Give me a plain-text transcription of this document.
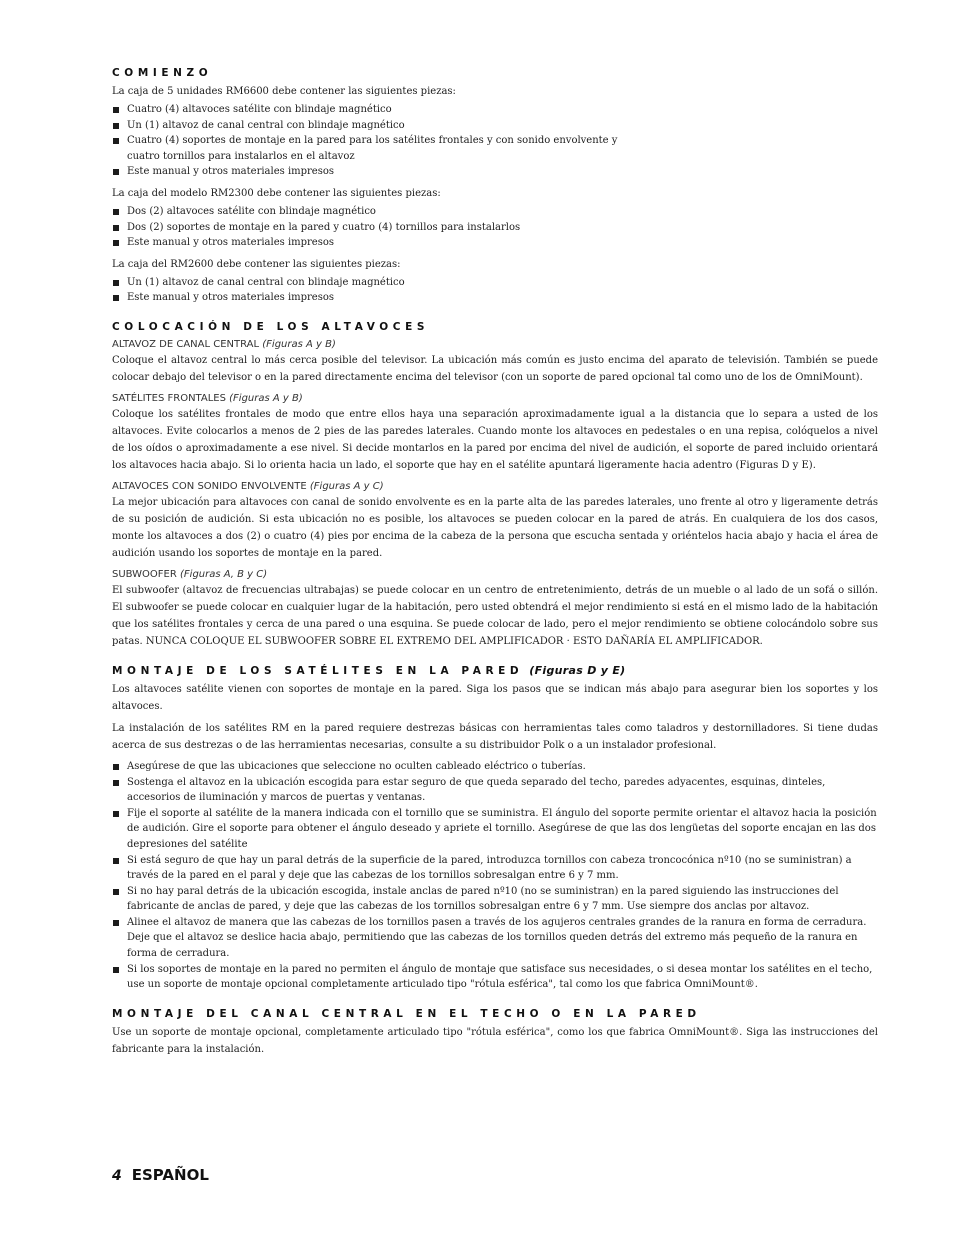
COMIENZO

La caja de 5 unidades RM6600 debe contener las siguientes piezas:

Cuatro (4) altavoces satélite con blindaje magnético
Un (1) altavoz de canal central con blindaje magnético
Cuatro (4) soportes de montaje en la pared para los satélites frontales y con sonido envolvente y cuatro tornillos para instalarlos en el altavoz
Este manual y otros materiales impresos

La caja del modelo RM2300 debe contener las siguientes piezas:

Dos (2) altavoces satélite con blindaje magnético
Dos (2) soportes de montaje en la pared y cuatro (4) tornillos para instalarlos
Este manual y otros materiales impresos

La caja del RM2600 debe contener las siguientes piezas:

Un (1) altavoz de canal central con blindaje magnético
Este manual y otros materiales impresos
COLOCACIÓN DE LOS ALTAVOCES

ALTAVOZ DE CANAL CENTRAL (Figuras A y B)

Coloque el altavoz central lo más cerca posible del televisor. La ubicación más común es justo encima del aparato de televisión. También se puede colocar debajo del televisor o en la pared directamente encima del televisor (con un soporte de pared opcional tal como uno de los de OmniMount).

SATÉLITES FRONTALES (Figuras A y B)

Coloque los satélites frontales de modo que entre ellos haya una separación aproximadamente igual a la distancia que lo separa a usted de los altavoces. Evite colocarlos a menos de 2 pies de las paredes laterales. Cuando monte los altavoces en pedestales o en una repisa, colóquelos a nivel de los oídos o aproximadamente a ese nivel. Si decide montarlos en la pared por encima del nivel de audición, el soporte de pared incluido orientará los altavoces hacia abajo. Si lo orienta hacia un lado, el soporte que hay en el satélite apuntará ligeramente hacia adentro (Figuras D y E).

ALTAVOCES CON SONIDO ENVOLVENTE (Figuras A y C)

La mejor ubicación para altavoces con canal de sonido envolvente es en la parte alta de las paredes laterales, uno frente al otro y ligeramente detrás de su posición de audición. Si esta ubicación no es posible, los altavoces se pueden colocar en la pared de atrás. En cualquiera de los dos casos, monte los altavoces a dos (2) o cuatro (4) pies por encima de la cabeza de la persona que escucha sentada y oriéntelos hacia abajo y hacia el área de audición usando los soportes de montaje en la pared.

SUBWOOFER (Figuras A, B y C)

El subwoofer (altavoz de frecuencias ultrabajas) se puede colocar en un centro de entretenimiento, detrás de un mueble o al lado de un sofá o sillón. El subwoofer se puede colocar en cualquier lugar de la habitación, pero usted obtendrá el mejor rendimiento si está en el mismo lado de la habitación que los satélites frontales y cerca de una pared o una esquina. Se puede colocar de lado, pero el mejor rendimiento se obtiene colocándolo sobre sus patas. NUNCA COLOQUE EL SUBWOOFER SOBRE EL EXTREMO DEL AMPLIFICADOR · ESTO DAÑARÍA EL AMPLIFICADOR.

MONTAJE DE LOS SATÉLITES EN LA PARED (Figuras D y E)

Los altavoces satélite vienen con soportes de montaje en la pared. Siga los pasos que se indican más abajo para asegurar bien los soportes y los altavoces.

La instalación de los satélites RM en la pared requiere destrezas básicas con herramientas tales como taladros y destornilladores. Si tiene dudas acerca de sus destrezas o de las herramientas necesarias, consulte a su distribuidor Polk o a un instalador profesional.

Asegúrese de que las ubicaciones que seleccione no oculten cableado eléctrico o tuberías.
Sostenga el altavoz en la ubicación escogida para estar seguro de que queda separado del techo, paredes adyacentes, esquinas, dinteles, accesorios de iluminación y marcos de puertas y ventanas.
Fije el soporte al satélite de la manera indicada con el tornillo que se suministra. El ángulo del soporte permite orientar el altavoz hacia la posición de audición. Gire el soporte para obtener el ángulo deseado y apriete el tornillo. Asegúrese de que las dos lengüetas del soporte encajan en las dos depresiones del satélite
Si está seguro de que hay un paral detrás de la superficie de la pared, introduzca tornillos con cabeza troncocónica nº10 (no se suministran) a través de la pared en el paral y deje que las cabezas de los tornillos sobresalgan entre 6 y 7 mm.
Si no hay paral detrás de la ubicación escogida, instale anclas de pared nº10 (no se suministran) en la pared siguiendo las instrucciones del fabricante de anclas de pared, y deje que las cabezas de los tornillos sobresalgan entre 6 y 7 mm. Use siempre dos anclas por altavoz.
Alinee el altavoz de manera que las cabezas de los tornillos pasen a través de los agujeros centrales grandes de la ranura en forma de cerradura. Deje que el altavoz se deslice hacia abajo, permitiendo que las cabezas de los tornillos queden detrás del extremo más pequeño de la ranura en forma de cerradura.
Si los soportes de montaje en la pared no permiten el ángulo de montaje que satisface sus necesidades, o si desea montar los satélites en el techo, use un soporte de montaje opcional completamente articulado tipo "rótula esférica", tal como los que fabrica OmniMount®.
MONTAJE DEL CANAL CENTRAL EN EL TECHO O EN LA PARED

Use un soporte de montaje opcional, completamente articulado tipo "rótula esférica", como los que fabrica OmniMount®. Siga las instrucciones del fabricante para la instalación.

4 ESPAÑOL
